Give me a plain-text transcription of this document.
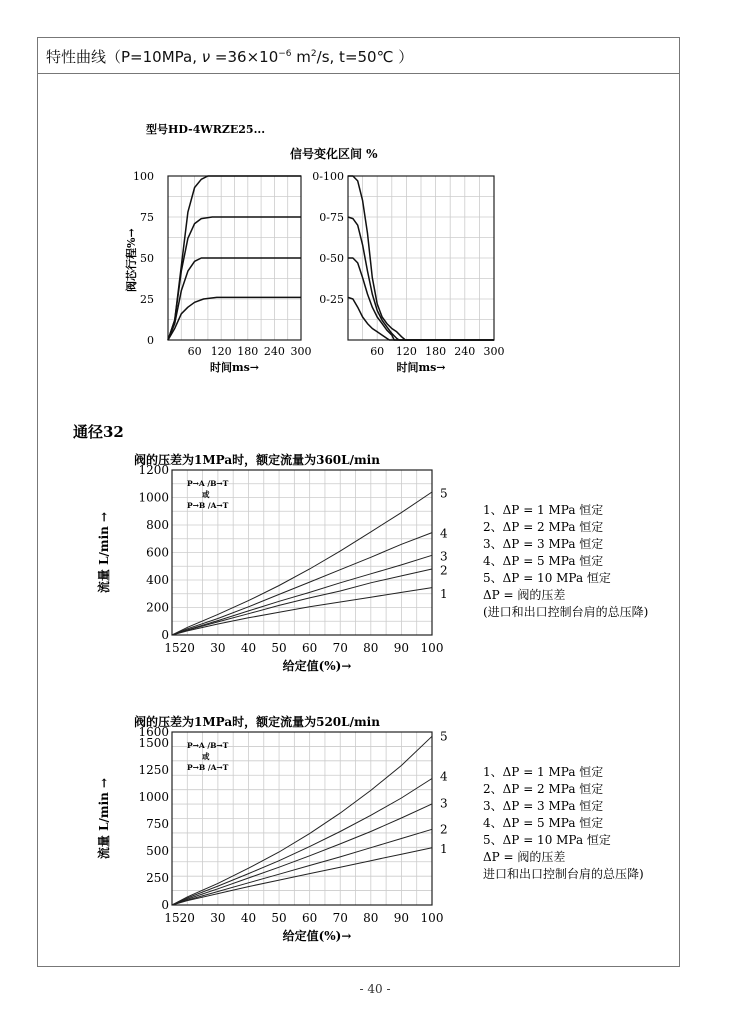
特性曲线（P=10MPa, $\nu =36\times 10^{-6}$ $m^2/s$, t=50℃ ）
通径32
60 120 180 240 300
0
25
50
75
100
时间ms→
型号HD-4WRZE25...
阀芯行程%→
60 120 180 240 300
0-25
0-50
0-75
0-100
时间ms→
信号变化区间 %
15 20 30 40 50 60 70 80 90 100
0
200
400
600
800
1000
1200
1
2
3
4
5
给定值(%)→
流量 L/min →
阀的压差为1MPa时，额定流量为360L/min
P→A /B→T
或
P→B /A→T	1、ΔP = 1 MPa 恒定
2、ΔP = 2 MPa 恒定
3、ΔP = 3 MPa 恒定
4、ΔP = 5 MPa 恒定
5、ΔP = 10 MPa 恒定
ΔP = 阀的压差
(进口和出口控制台肩的总压降)
15 20 30 40 50 60 70 80 90 100
0
250
500
750
1000
1250
1500
1600
1
2
3
4
5
给定值(%)→
流量 L/min →
阀的压差为1MPa时，额定流量为520L/min
P→A /B→T
或
P→B /A→T	1、ΔP = 1 MPa 恒定
2、ΔP = 2 MPa 恒定
3、ΔP = 3 MPa 恒定
4、ΔP = 5 MPa 恒定
5、ΔP = 10 MPa 恒定
ΔP = 阀的压差
进口和出口控制台肩的总压降)
- 40 -
